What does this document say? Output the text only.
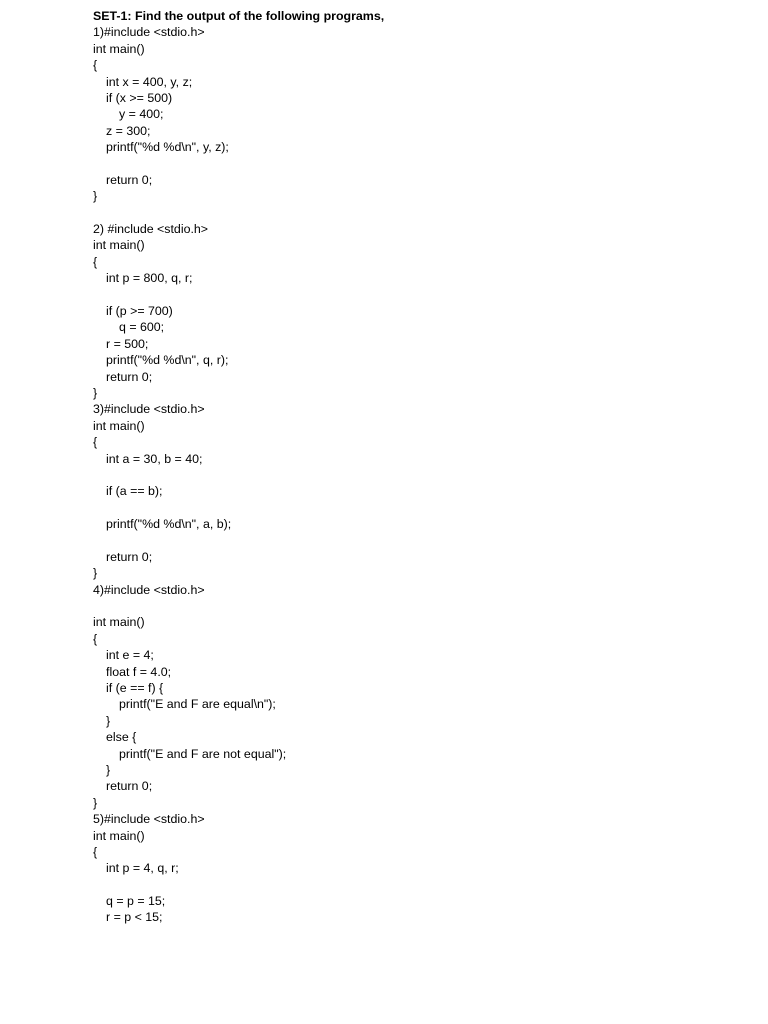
SET-1: Find the output of the following programs,
1)#include <stdio.h>
int main()
{
int x = 400, y, z;
if (x >= 500)
y = 400;
z = 300;
printf("%d %d\n", y, z);
return 0;
}
2) #include <stdio.h>
int main()
{
int p = 800, q, r;
if (p >= 700)
q = 600;
r = 500;
printf("%d %d\n", q, r);
return 0;
}
3)#include <stdio.h>
int main()
{
int a = 30, b = 40;
if (a == b);
printf("%d %d\n", a, b);
return 0;
}
4)#include <stdio.h>
int main()
{
int e = 4;
float f = 4.0;
if (e == f) {
printf("E and F are equal\n");
}
else {
printf("E and F are not equal");
}
return 0;
}
5)#include <stdio.h>
int main()
{
int p = 4, q, r;
q = p = 15;
r = p < 15;
